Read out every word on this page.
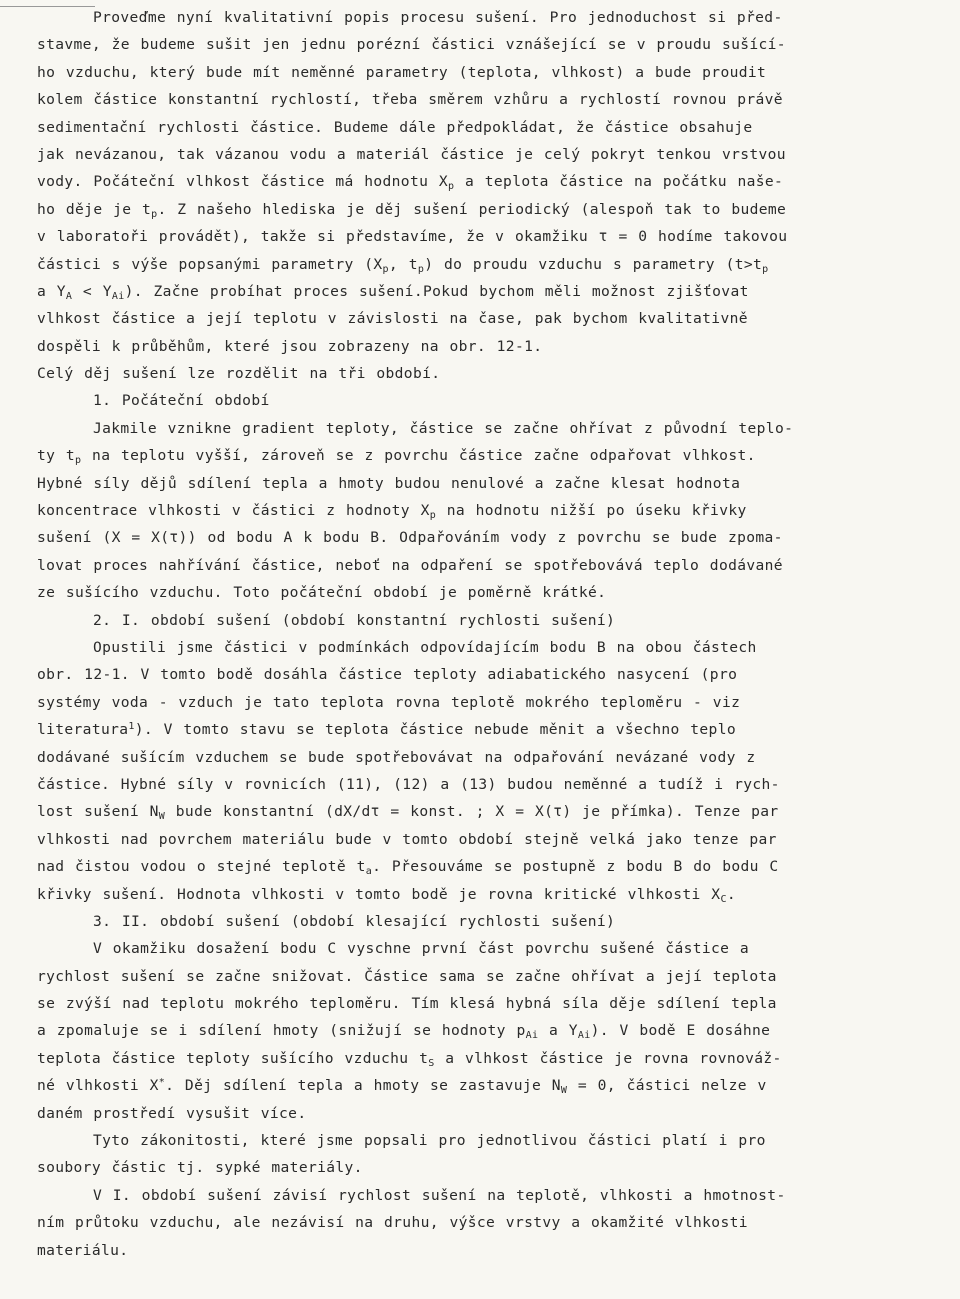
Proveďme nyní kvalitativní popis procesu sušení. Pro jednoduchost si před-
stavme, že budeme sušit jen jednu porézní částici vznášející se v proudu sušící-
ho vzduchu, který bude mít neměnné parametry (teplota, vlhkost) a bude proudit
kolem částice konstantní rychlostí, třeba směrem vzhůru a rychlostí rovnou právě
sedimentační rychlosti částice. Budeme dále předpokládat, že částice obsahuje
jak nevázanou, tak vázanou vodu a materiál částice je celý pokryt tenkou vrstvou
vody. Počáteční vlhkost částice má hodnotu $X_p$ a teplota částice na počátku naše-
ho děje je $t_p$. Z našeho hlediska je děj sušení periodický (alespoň tak to budeme
v laboratoři provádět), takže si představíme, že v okamžiku τ = 0 hodíme takovou
částici s výše popsanými parametry ($X_p$, $t_p$) do proudu vzduchu s parametry ($t>t_p$
a $Y_A < Y_{Ai}$). Začne probíhat proces sušení.Pokud bychom měli možnost zjišťovat
vlhkost částice a její teplotu v závislosti na čase, pak bychom kvalitativně
dospěli k průběhům, které jsou zobrazeny na obr. 12-1.
Celý děj sušení lze rozdělit na tři období.
1. Počáteční období
Jakmile vznikne gradient teploty, částice se začne ohřívat z původní teplo-
ty $t_p$ na teplotu vyšší, zároveň se z povrchu částice začne odpařovat vlhkost.
Hybné síly dějů sdílení tepla a hmoty budou nenulové a začne klesat hodnota
koncentrace vlhkosti v částici z hodnoty $X_p$ na hodnotu nižší po úseku křivky
sušení (X = X(τ)) od bodu A k bodu B. Odpařováním vody z povrchu se bude zpoma-
lovat proces nahřívání částice, neboť na odpaření se spotřebovává teplo dodávané
ze sušícího vzduchu. Toto počáteční období je poměrně krátké.
2. I. období sušení (období konstantní rychlosti sušení)
Opustili jsme částici v podmínkách odpovídajícím bodu B na obou částech
obr. 12-1. V tomto bodě dosáhla částice teploty adiabatického nasycení (pro
systémy voda - vzduch je tato teplota rovna teplotě mokrého teploměru - viz
literatura$^1$). V tomto stavu se teplota částice nebude měnit a všechno teplo
dodávané sušícím vzduchem se bude spotřebovávat na odpařování nevázané vody z
částice. Hybné síly v rovnicích (11), (12) a (13) budou neměnné a tudíž i rych-
lost sušení $N_W$ bude konstantní (dX/dτ = konst. ; X = X(τ) je přímka). Tenze par
vlhkosti nad povrchem materiálu bude v tomto období stejně velká jako tenze par
nad čistou vodou o stejné teplotě $t_a$. Přesouváme se postupně z bodu B do bodu C
křivky sušení. Hodnota vlhkosti v tomto bodě je rovna kritické vlhkosti $X_C$.
3. II. období sušení (období klesající rychlosti sušení)
V okamžiku dosažení bodu C vyschne první část povrchu sušené částice a
rychlost sušení se začne snižovat. Částice sama se začne ohřívat a její teplota
se zvýší nad teplotu mokrého teploměru. Tím klesá hybná síla děje sdílení tepla
a zpomaluje se i sdílení hmoty (snižují se hodnoty $p_{Ai}$ a $Y_{Ai}$). V bodě E dosáhne
teplota částice teploty sušícího vzduchu $t_S$ a vlhkost částice je rovna rovnováž-
né vlhkosti X*. Děj sdílení tepla a hmoty se zastavuje $N_W = 0$, částici nelze v
daném prostředí vysušit více.
Tyto zákonitosti, které jsme popsali pro jednotlivou částici platí i pro
soubory částic tj. sypké materiály.
V I. období sušení závisí rychlost sušení na teplotě, vlhkosti a hmotnost-
ním průtoku vzduchu, ale nezávisí na druhu, výšce vrstvy a okamžité vlhkosti
materiálu.
